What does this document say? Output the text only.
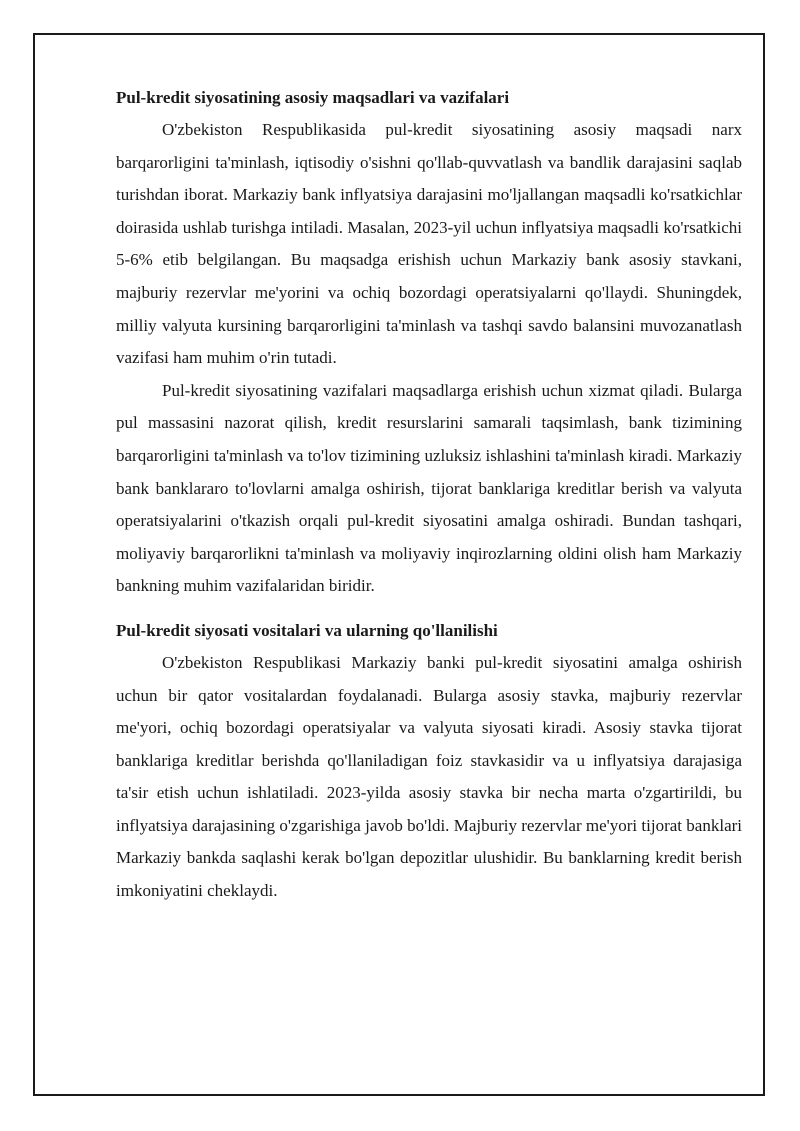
Pul-kredit siyosatining asosiy maqsadlari va vazifalari

O'zbekiston Respublikasida pul-kredit siyosatining asosiy maqsadi narx barqarorligini ta'minlash, iqtisodiy o'sishni qo'llab-quvvatlash va bandlik darajasini saqlab turishdan iborat. Markaziy bank inflyatsiya darajasini mo'ljallangan maqsadli ko'rsatkichlar doirasida ushlab turishga intiladi. Masalan, 2023-yil uchun inflyatsiya maqsadli ko'rsatkichi 5-6% etib belgilangan. Bu maqsadga erishish uchun Markaziy bank asosiy stavkani, majburiy rezervlar me'yorini va ochiq bozordagi operatsiyalarni qo'llaydi. Shuningdek, milliy valyuta kursining barqarorligini ta'minlash va tashqi savdo balansini muvozanatlash vazifasi ham muhim o'rin tutadi.

Pul-kredit siyosatining vazifalari maqsadlarga erishish uchun xizmat qiladi. Bularga pul massasini nazorat qilish, kredit resurslarini samarali taqsimlash, bank tizimining barqarorligini ta'minlash va to'lov tizimining uzluksiz ishlashini ta'minlash kiradi. Markaziy bank banklararo to'lovlarni amalga oshirish, tijorat banklariga kreditlar berish va valyuta operatsiyalarini o'tkazish orqali pul-kredit siyosatini amalga oshiradi. Bundan tashqari, moliyaviy barqarorlikni ta'minlash va moliyaviy inqirozlarning oldini olish ham Markaziy bankning muhim vazifalaridan biridir.

Pul-kredit siyosati vositalari va ularning qo'llanilishi

O'zbekiston Respublikasi Markaziy banki pul-kredit siyosatini amalga oshirish uchun bir qator vositalardan foydalanadi. Bularga asosiy stavka, majburiy rezervlar me'yori, ochiq bozordagi operatsiyalar va valyuta siyosati kiradi. Asosiy stavka tijorat banklariga kreditlar berishda qo'llaniladigan foiz stavkasidir va u inflyatsiya darajasiga ta'sir etish uchun ishlatiladi. 2023-yilda asosiy stavka bir necha marta o'zgartirildi, bu inflyatsiya darajasining o'zgarishiga javob bo'ldi. Majburiy rezervlar me'yori tijorat banklari Markaziy bankda saqlashi kerak bo'lgan depozitlar ulushidir. Bu banklarning kredit berish imkoniyatini cheklaydi.
